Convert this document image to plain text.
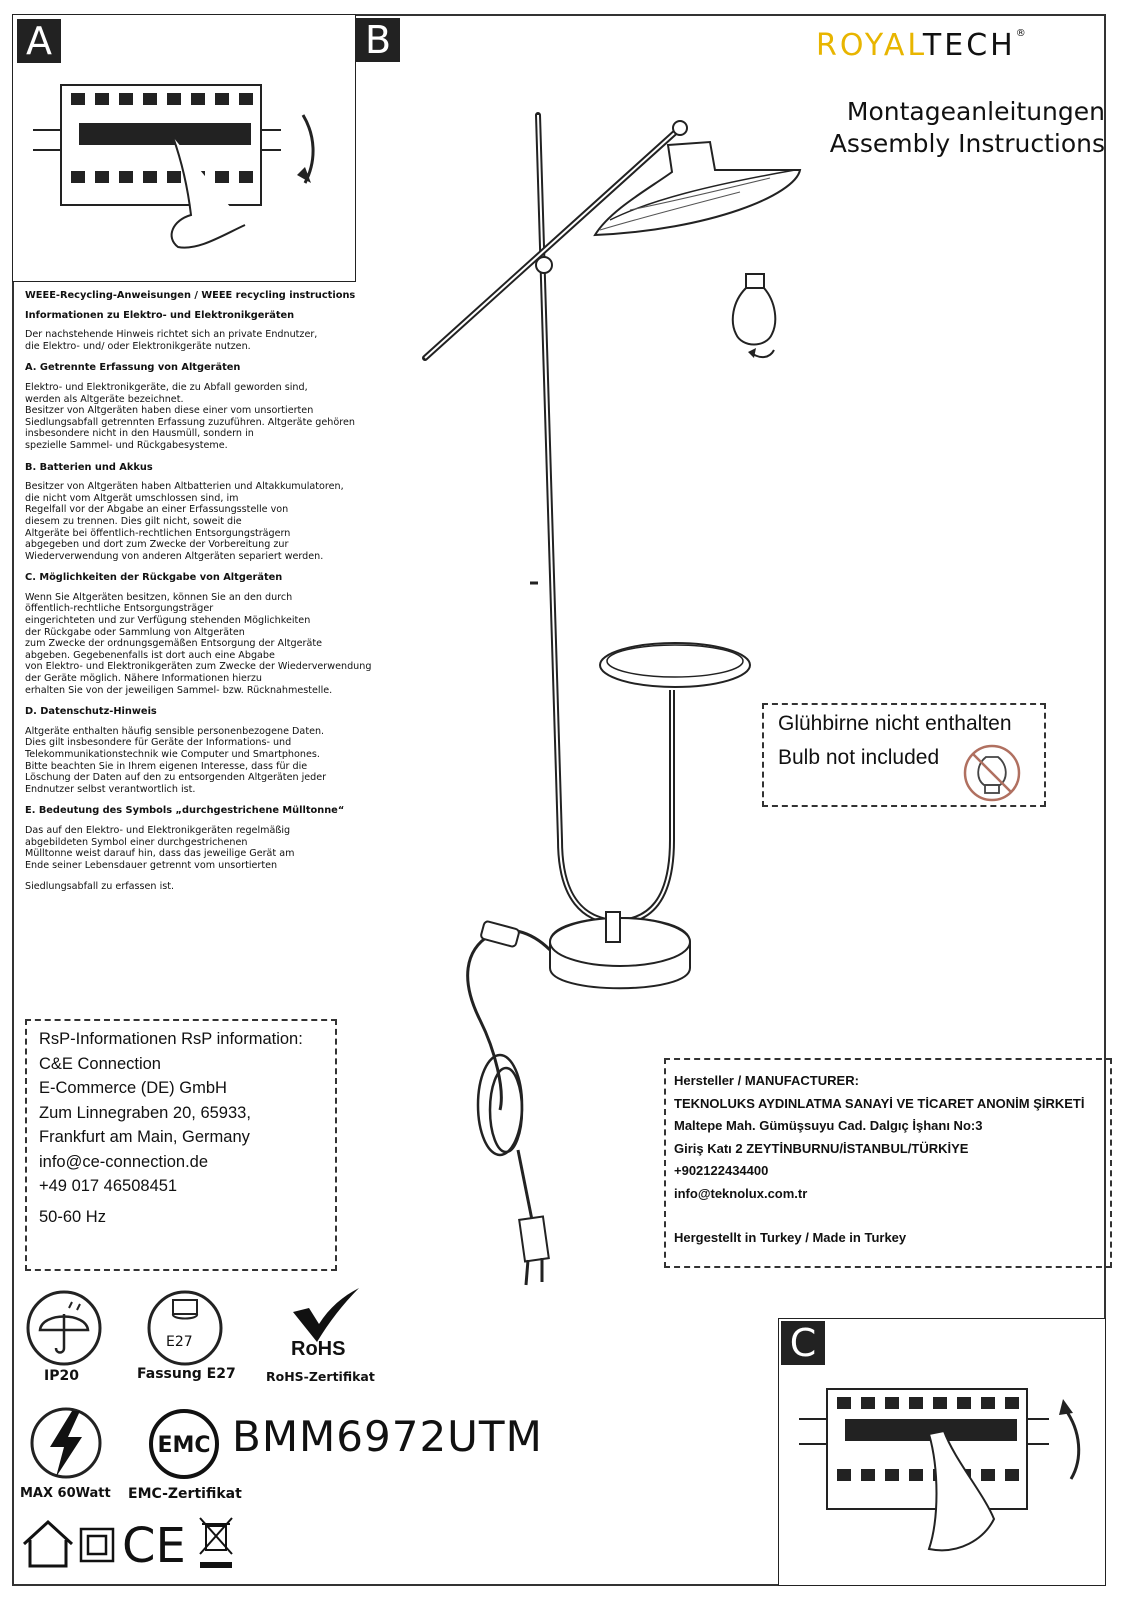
A	B	ROYALTECH®
Montageanleitungen
Assembly Instructions
WEEE-Recycling-Anweisungen / WEEE recycling instructions
Informationen zu Elektro- und Elektronikgeräten

Der nachstehende Hinweis richtet sich an private Endnutzer,
die Elektro- und/ oder Elektronikgeräte nutzen.

A. Getrennte Erfassung von Altgeräten

Elektro- und Elektronikgeräte, die zu Abfall geworden sind,
werden als Altgeräte bezeichnet.
Besitzer von Altgeräten haben diese einer vom unsortierten
Siedlungsabfall getrennten Erfassung zuzuführen. Altgeräte gehören
insbesondere nicht in den Hausmüll, sondern in
spezielle Sammel- und Rückgabesysteme.

B. Batterien und Akkus

Besitzer von Altgeräten haben Altbatterien und Altakkumulatoren,
die nicht vom Altgerät umschlossen sind, im
Regelfall vor der Abgabe an einer Erfassungsstelle von
diesem zu trennen. Dies gilt nicht, soweit die
Altgeräte bei öffentlich-rechtlichen Entsorgungsträgern
abgegeben und dort zum Zwecke der Vorbereitung zur
Wiederverwendung von anderen Altgeräten separiert werden.

C. Möglichkeiten der Rückgabe von Altgeräten

Wenn Sie Altgeräten besitzen, können Sie an den durch
öffentlich-rechtliche Entsorgungsträger
eingerichteten und zur Verfügung stehenden Möglichkeiten
der Rückgabe oder Sammlung von Altgeräten
zum Zwecke der ordnungsgemäßen Entsorgung der Altgeräte
abgeben. Gegebenenfalls ist dort auch eine Abgabe
von Elektro- und Elektronikgeräten zum Zwecke der Wiederverwendung
der Geräte möglich. Nähere Informationen hierzu
erhalten Sie von der jeweiligen Sammel- bzw. Rücknahmestelle.

D. Datenschutz-Hinweis

Altgeräte enthalten häufig sensible personenbezogene Daten.
Dies gilt insbesondere für Geräte der Informations- und
Telekommunikationstechnik wie Computer und Smartphones.
Bitte beachten Sie in Ihrem eigenen Interesse, dass für die
Löschung der Daten auf den zu entsorgenden Altgeräten jeder
Endnutzer selbst verantwortlich ist.

E. Bedeutung des Symbols „durchgestrichene Mülltonne“

Das auf den Elektro- und Elektronikgeräten regelmäßig
abgebildeten Symbol einer durchgestrichenen
Mülltonne weist darauf hin, dass das jeweilige Gerät am
Ende seiner Lebensdauer getrennt vom unsortierten

Siedlungsabfall zu erfassen ist.

Glühbirne nicht enthalten
Bulb not included
RsP-Informationen RsP information:
C&E Connection
E-Commerce (DE) GmbH
Zum Linnegraben 20, 65933,
Frankfurt am Main, Germany
info@ce-connection.de
+49 017 46508451
50-60 Hz
Hersteller / MANUFACTURER:
TEKNOLUKS AYDINLATMA SANAYİ VE TİCARET ANONİM ŞİRKETİ
Maltepe Mah. Gümüşsuyu Cad. Dalgıç İşhanı No:3
Giriş Katı 2 ZEYTİNBURNU/İSTANBUL/TÜRKİYE
+902122434400
info@teknolux.com.tr
Hergestellt in Turkey / Made in Turkey
C
IP20
E27
Fassung E27
RoHS
RoHS-Zertifikat
MAX 60Watt
EMC
EMC-Zertifikat
BMM6972UTM
CE
